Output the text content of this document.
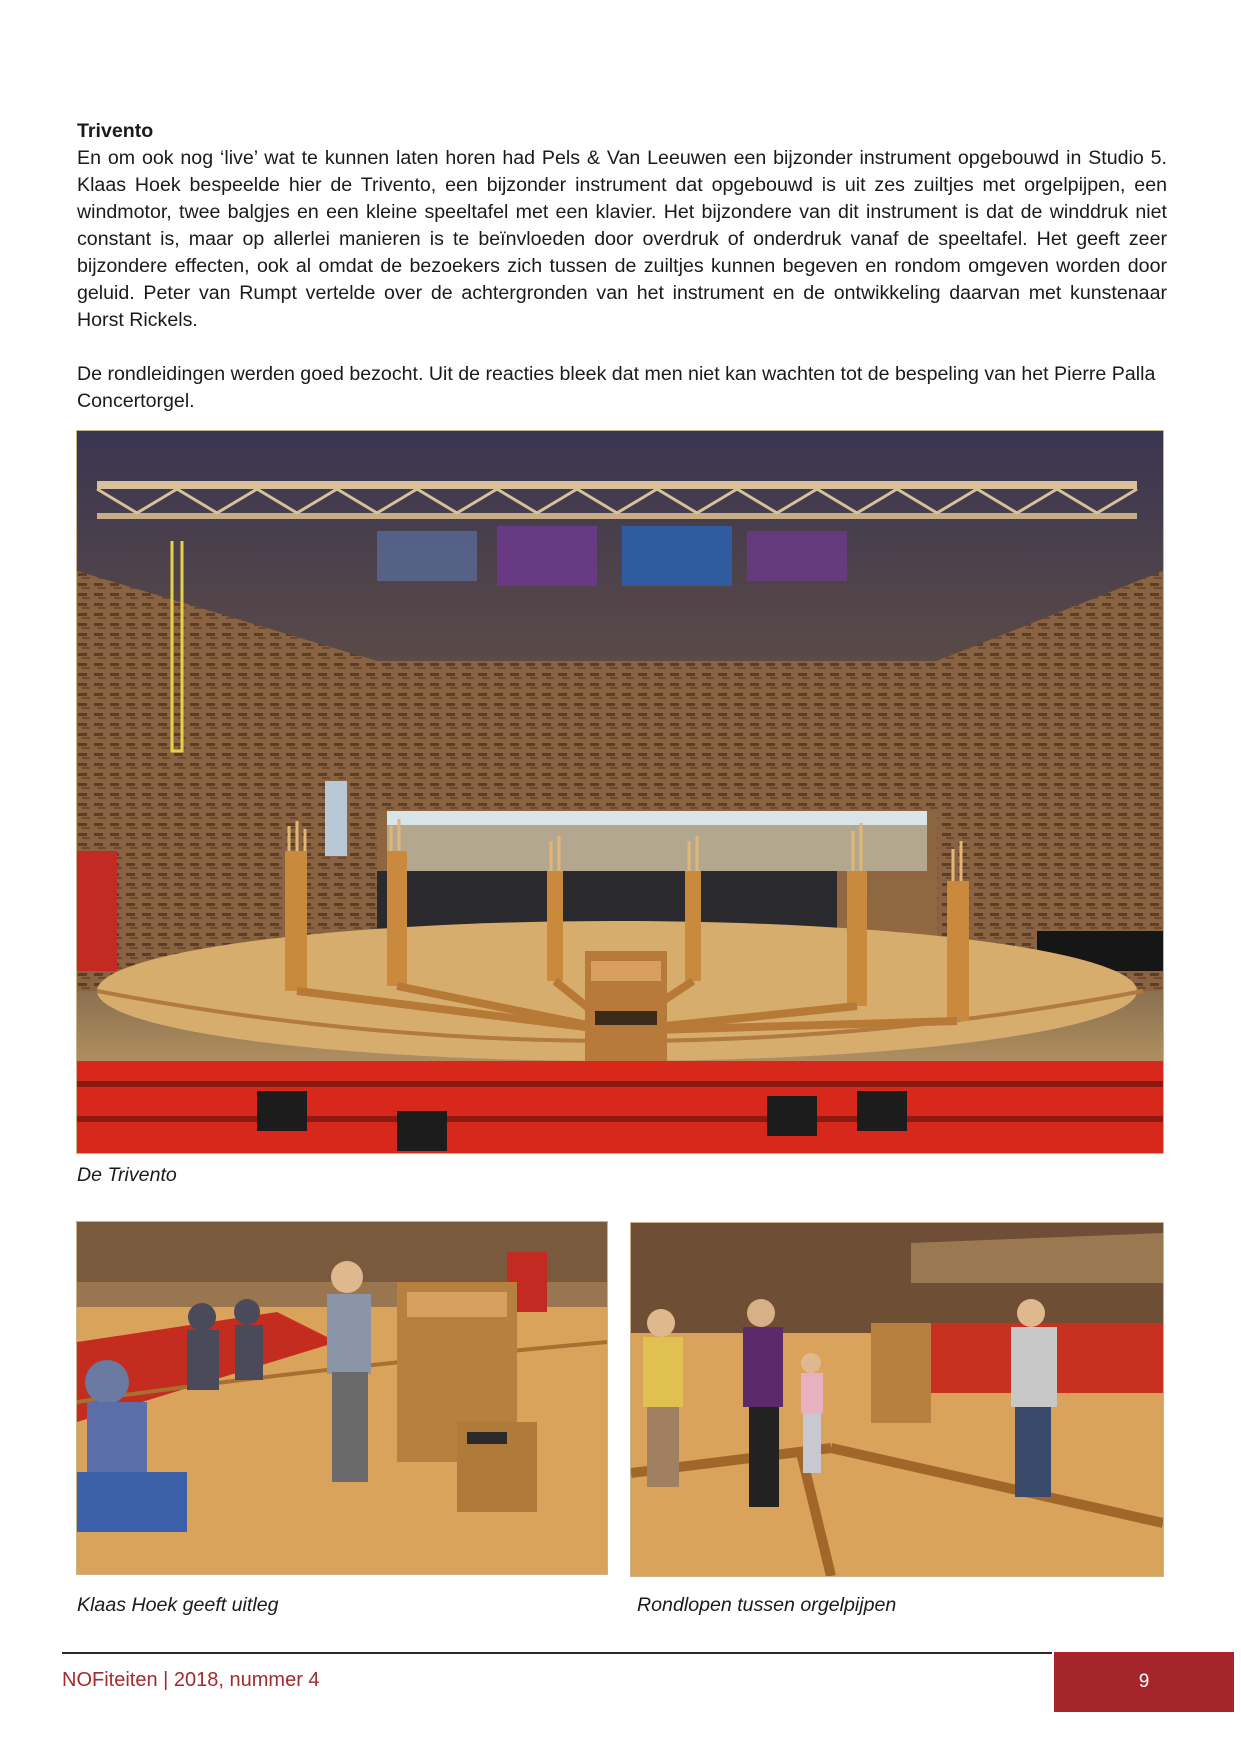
Trivento

En om ook nog ‘live’ wat te kunnen laten horen had Pels & Van Leeuwen een bijzonder instrument opgebouwd in Studio 5. Klaas Hoek bespeelde hier de Trivento, een bijzonder instrument dat opgebouwd is uit zes zuiltjes met orgelpijpen, een windmotor, twee balgjes en een kleine speeltafel met een klavier. Het bijzondere van dit instrument is dat de winddruk niet constant is, maar op allerlei manieren is te beïnvloeden door overdruk of onderdruk vanaf de speeltafel. Het geeft zeer bijzondere effecten, ook al omdat de bezoekers zich tussen de zuiltjes kunnen begeven en rondom omgeven worden door geluid. Peter van Rumpt vertelde over de achtergronden van het instrument en de ontwikkeling daarvan met kunstenaar Horst Rickels.

De rondleidingen werden goed bezocht. Uit de reacties bleek dat men niet kan wachten tot de bespeling van het Pierre Palla Concertorgel.

De Trivento
Klaas Hoek geeft uitleg	Rondlopen tussen orgelpijpen
NOFiteiten | 2018, nummer 4	9
